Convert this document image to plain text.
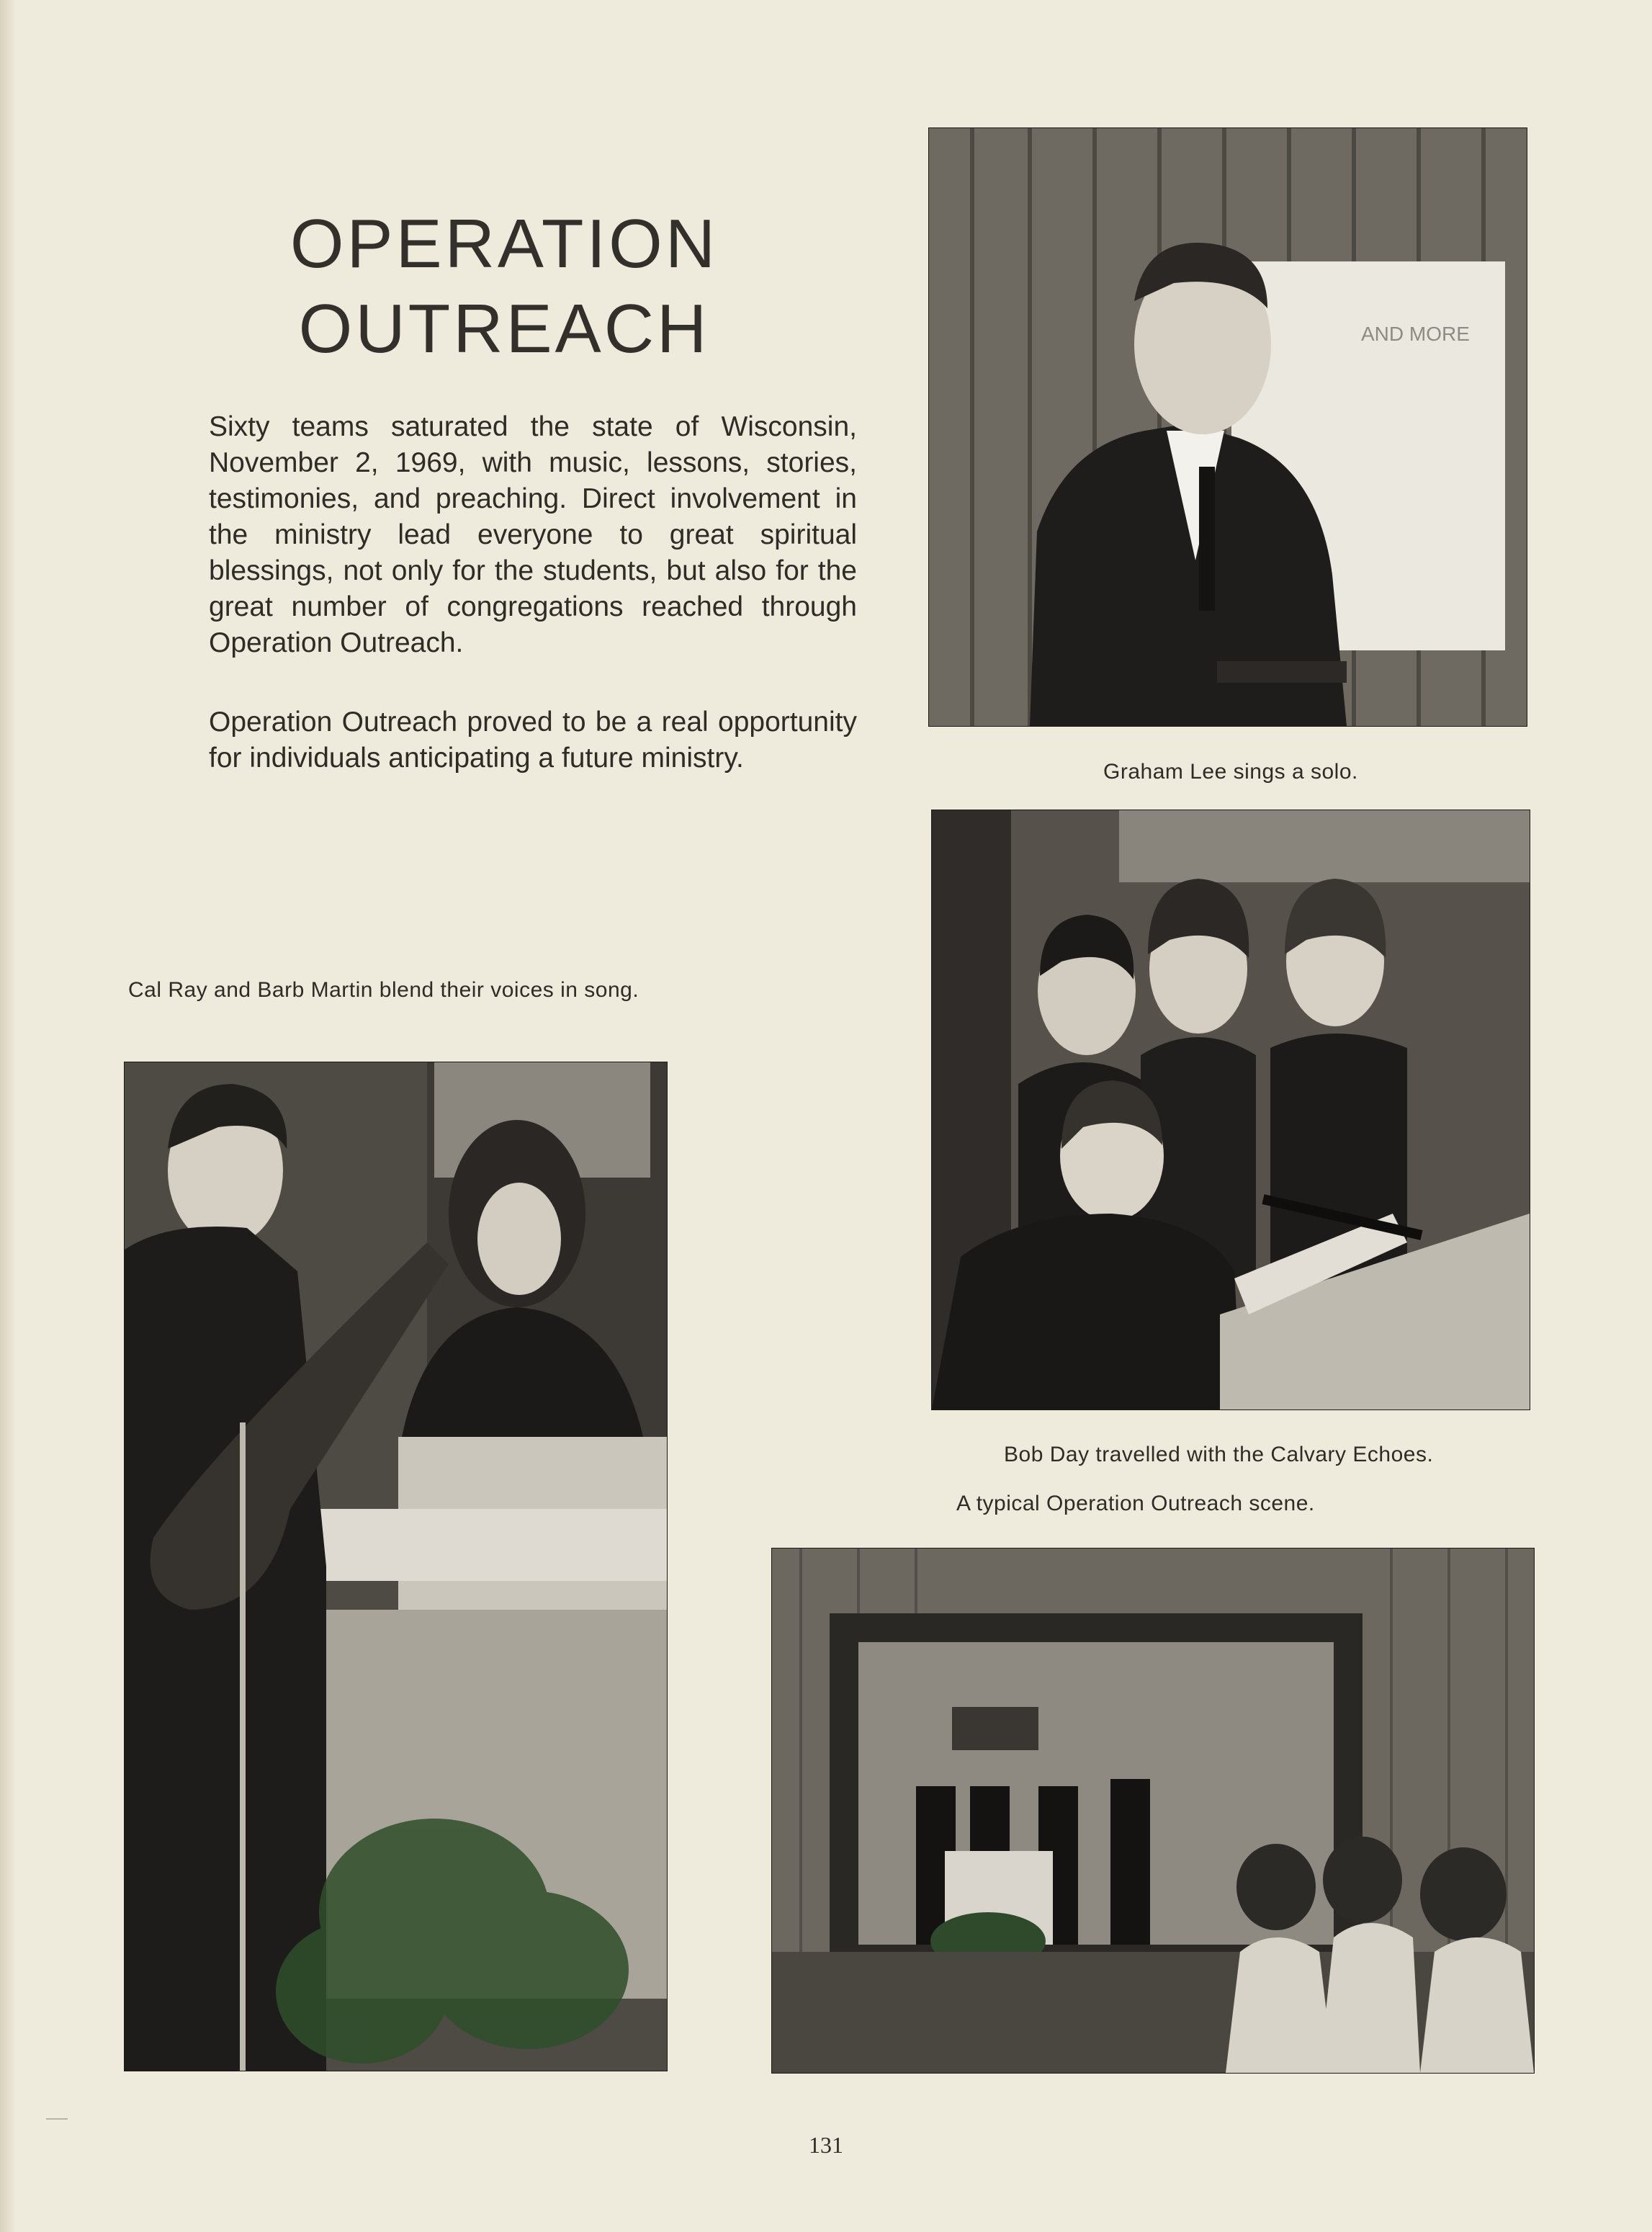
OPERATION
OUTREACH

Sixty teams saturated the state of Wisconsin, November 2, 1969, with music, lessons, stories, testimonies, and preaching. Direct involvement in the ministry lead everyone to great spiritual blessings, not only for the students, but also for the great number of congregations reached through Operation Outreach.

Operation Outreach proved to be a real opportunity for individuals anticipating a future ministry.

AND MORE

Graham Lee sings a solo.

Cal Ray and Barb Martin blend their voices in song.

Bob Day travelled with the Calvary Echoes.

A typical Operation Outreach scene.

131
